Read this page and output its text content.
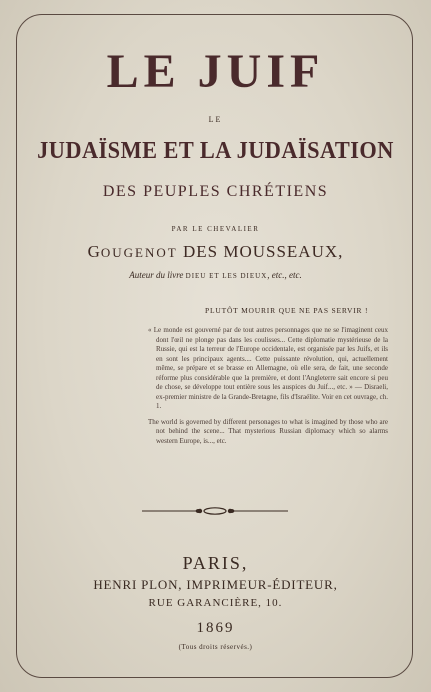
LE JUIF
LE
JUDAÏSME ET LA JUDAÏSATION
DES PEUPLES CHRÉTIENS
PAR LE CHEVALIER
GOUGENOT DES MOUSSEAUX,
Auteur du livre DIEU ET LES DIEUX, etc., etc.
PLUTÔT MOURIR QUE NE PAS SERVIR !

« Le monde est gouverné par de tout autres personnages que ne se l'imaginent ceux dont l'œil ne plonge pas dans les coulisses... Cette diplomatie mystérieuse de la Russie, qui est la terreur de l'Europe occidentale, est organisée par les Juifs, et ils en sont les principaux agents.... Cette puissante révolution, qui, actuellement même, se prépare et se brasse en Allemagne, où elle sera, de fait, une seconde réforme plus considérable que la première, et dont l'Angleterre sait encore si peu de chose, se développe tout entière sous les auspices du Juif..., etc. » — Disraeli, ex-premier ministre de la Grande-Bretagne, fils d'Israélite. Voir en cet ouvrage, ch. 1.

The world is governed by different personages to what is imagined by those who are not behind the scene... That mysterious Russian diplomacy which so alarms western Europe, is..., etc.

PARIS,
HENRI PLON, IMPRIMEUR-ÉDITEUR,
RUE GARANCIÈRE, 10.
1869
(Tous droits réservés.)
